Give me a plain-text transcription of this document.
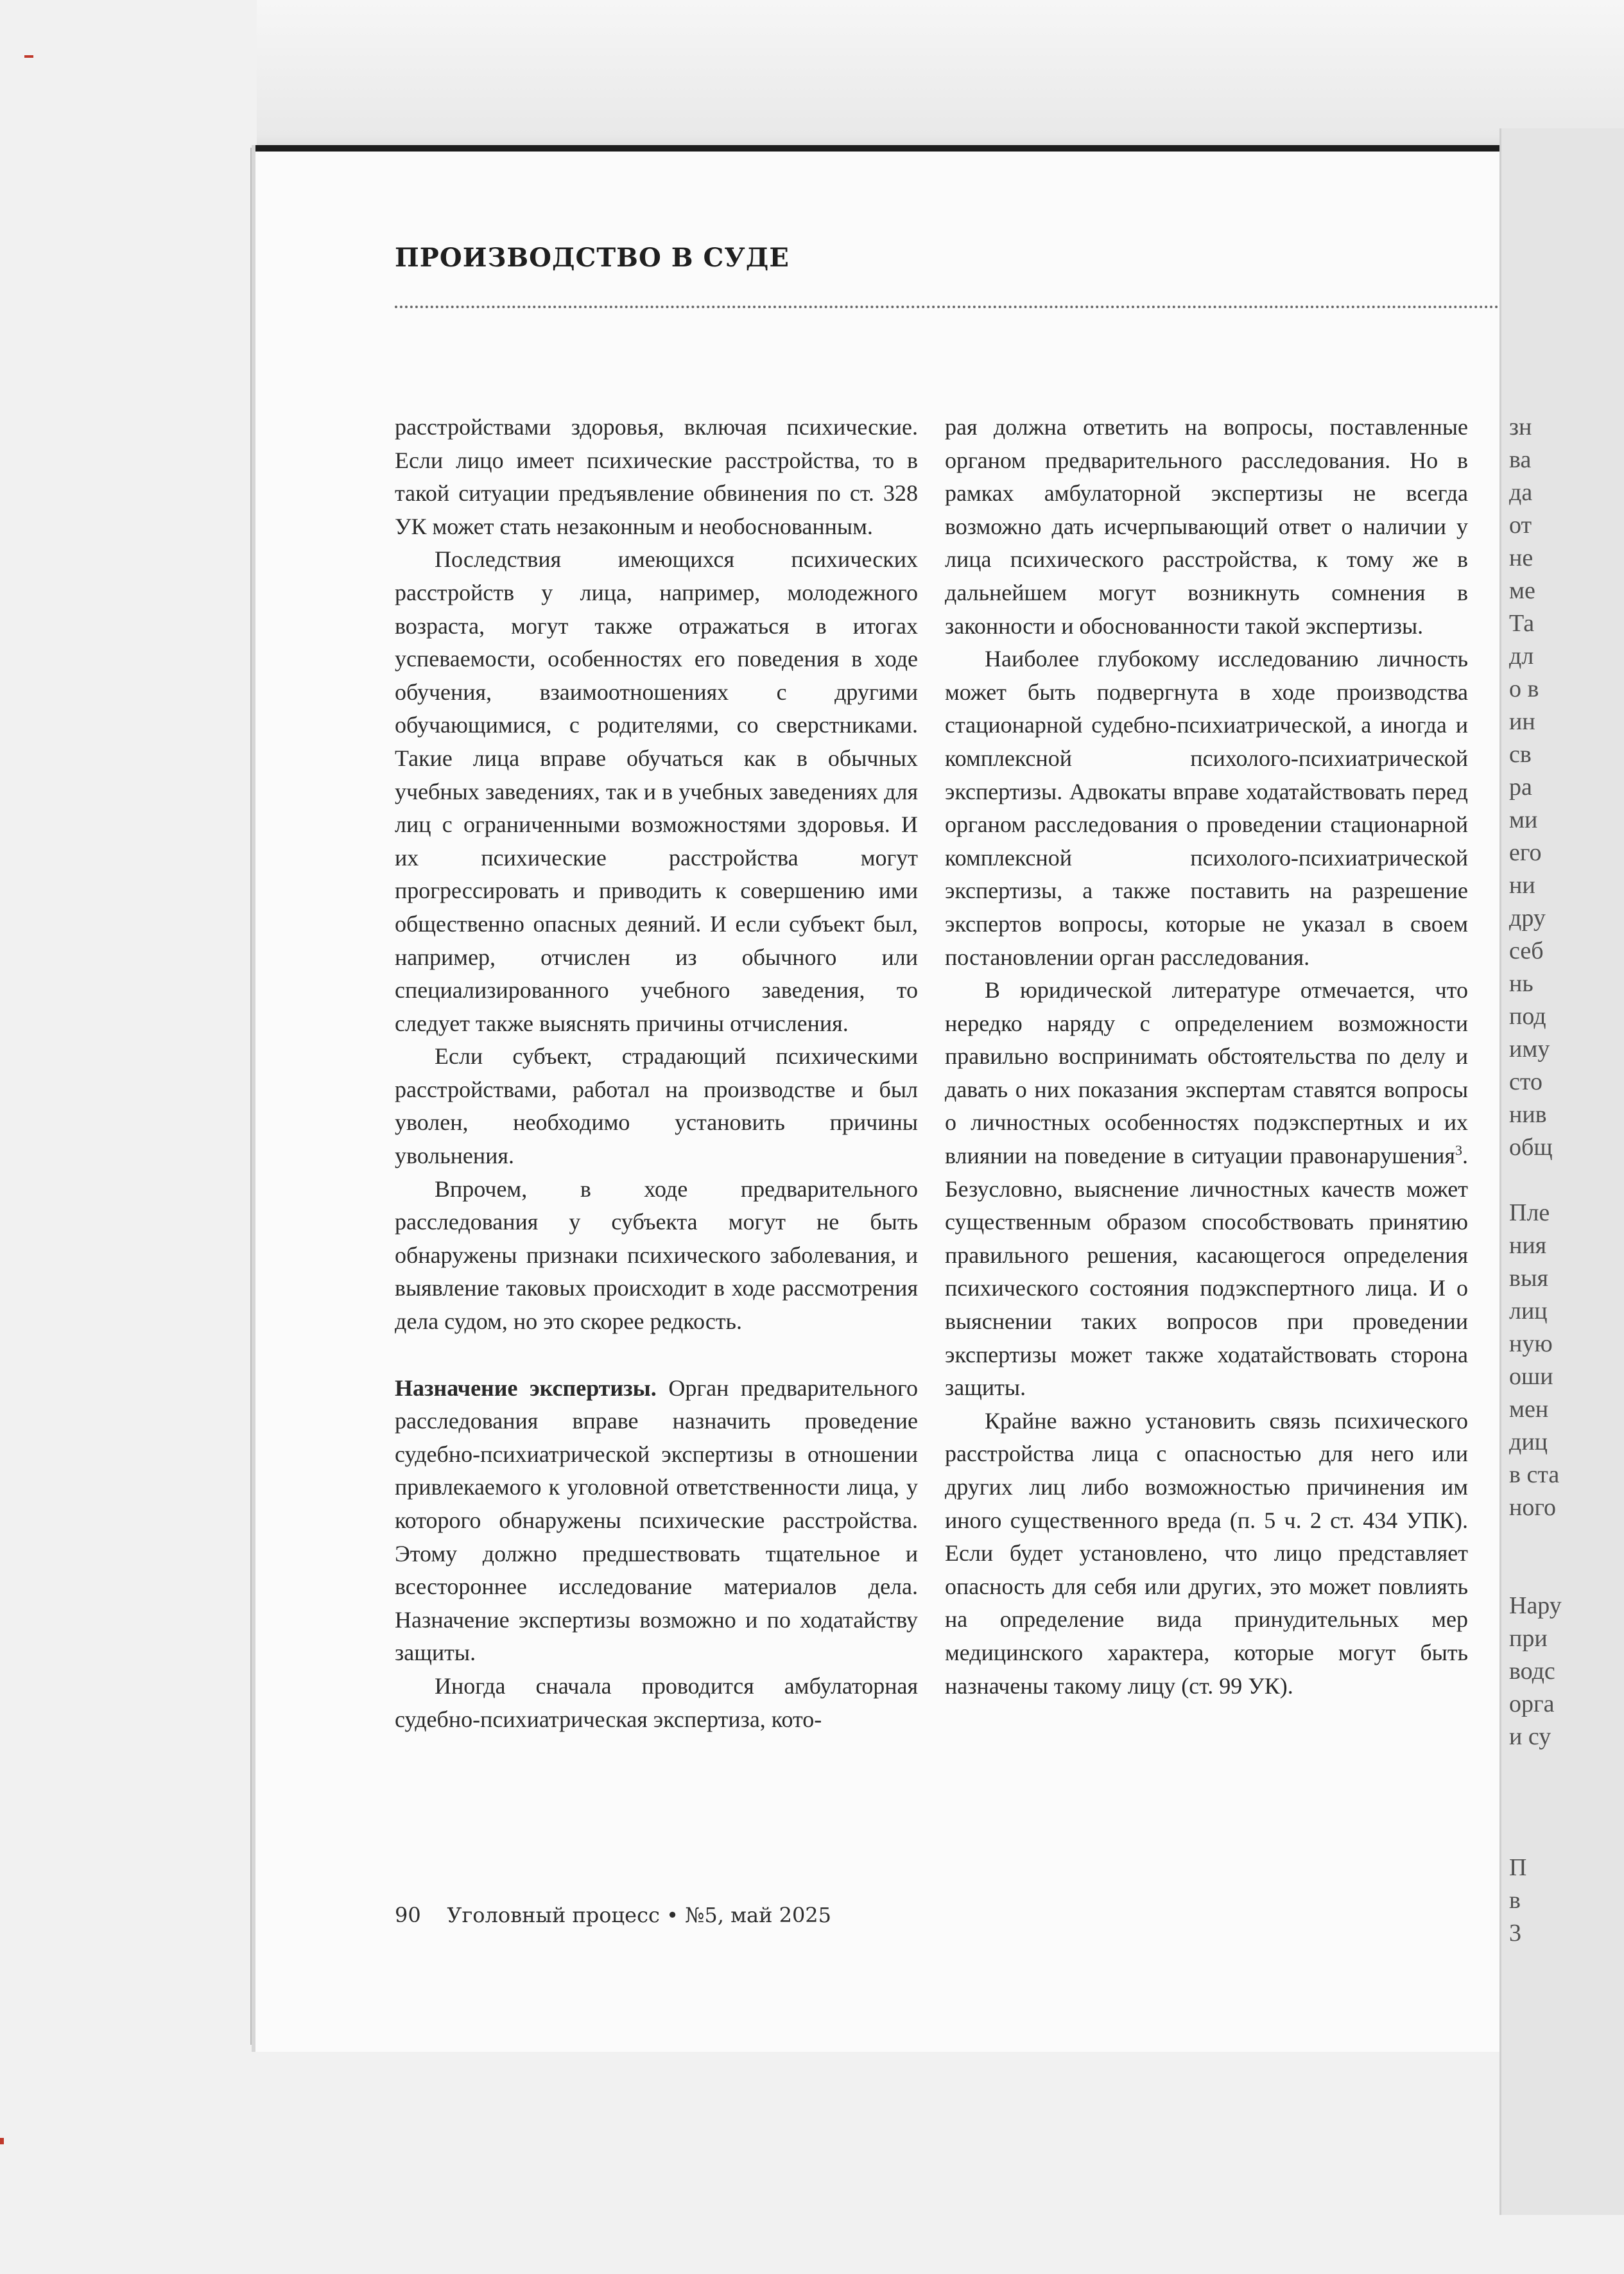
ПРОИЗВОДСТВО В СУДЕ

расстройствами здоровья, включая психические. Если лицо имеет психические расстройства, то в такой ситуации предъявление обвинения по ст. 328 УК может стать незаконным и необоснованным.

Последствия имеющихся психических расстройств у лица, например, молодежного возраста, могут также отражаться в итогах успеваемости, особенностях его поведения в ходе обучения, взаимоотношениях с другими обучающимися, с родителями, со сверстниками. Такие лица вправе обучаться как в обычных учебных заведениях, так и в учебных заведениях для лиц с ограниченными возможностями здоровья. И их психические расстройства могут прогрессировать и приводить к совершению ими общественно опасных деяний. И если субъект был, например, отчислен из обычного или специализированного учебного заведения, то следует также выяснять причины отчисления.

Если субъект, страдающий психическими расстройствами, работал на производстве и был уволен, необходимо установить причины увольнения.

Впрочем, в ходе предварительного расследования у субъекта могут не быть обнаружены признаки психического заболевания, и выявление таковых происходит в ходе рассмотрения дела судом, но это скорее редкость.

Назначение экспертизы. Орган предварительного расследования вправе назначить проведение судебно-психиатрической экспертизы в отношении привлекаемого к уголовной ответственности лица, у которого обнаружены психические расстройства. Этому должно предшествовать тщательное и всестороннее исследование материалов дела. Назначение экспертизы возможно и по ходатайству защиты.

Иногда сначала проводится амбулаторная судебно-психиатрическая экспертиза, кото-

рая должна ответить на вопросы, поставленные органом предварительного расследования. Но в рамках амбулаторной экспертизы не всегда возможно дать исчерпывающий ответ о наличии у лица психического расстройства, к тому же в дальнейшем могут возникнуть сомнения в законности и обоснованности такой экспертизы.

Наиболее глубокому исследованию личность может быть подвергнута в ходе производства стационарной судебно-психиатрической, а иногда и комплексной психолого-психиатрической экспертизы. Адвокаты вправе ходатайствовать перед органом расследования о проведении стационарной комплексной психолого-психиатрической экспертизы, а также поставить на разрешение экспертов вопросы, которые не указал в своем постановлении орган расследования.

В юридической литературе отмечается, что нередко наряду с определением возможности правильно воспринимать обстоятельства по делу и давать о них показания экспертам ставятся вопросы о личностных особенностях подэкспертных и их влиянии на поведение в ситуации правонарушения$^3$. Безусловно, выяснение личностных качеств может существенным образом способствовать принятию правильного решения, касающегося определения психического состояния подэкспертного лица. И о выяснении таких вопросов при проведении экспертизы может также ходатайствовать сторона защиты.

Крайне важно установить связь психического расстройства лица с опасностью для него или других лиц либо возможностью причинения им иного существенного вреда (п. 5 ч. 2 ст. 434 УПК). Если будет установлено, что лицо представляет опасность для себя или других, это может повлиять на определение вида принудительных мер медицинского характера, которые могут быть назначены такому лицу (ст. 99 УК).

90 Уголовный процесс • №5, май 2025
зн
ва
да
от
не
ме
Та
дл
о в
ин
св
ра
ми
его
ни
дру
себ
нь
под
иму
сто
нив
общ

Пле
ния
выя
лиц
ную
оши
мен
диц
в ста
ного

Нару
при
водс
орга
и су

П
в
3
